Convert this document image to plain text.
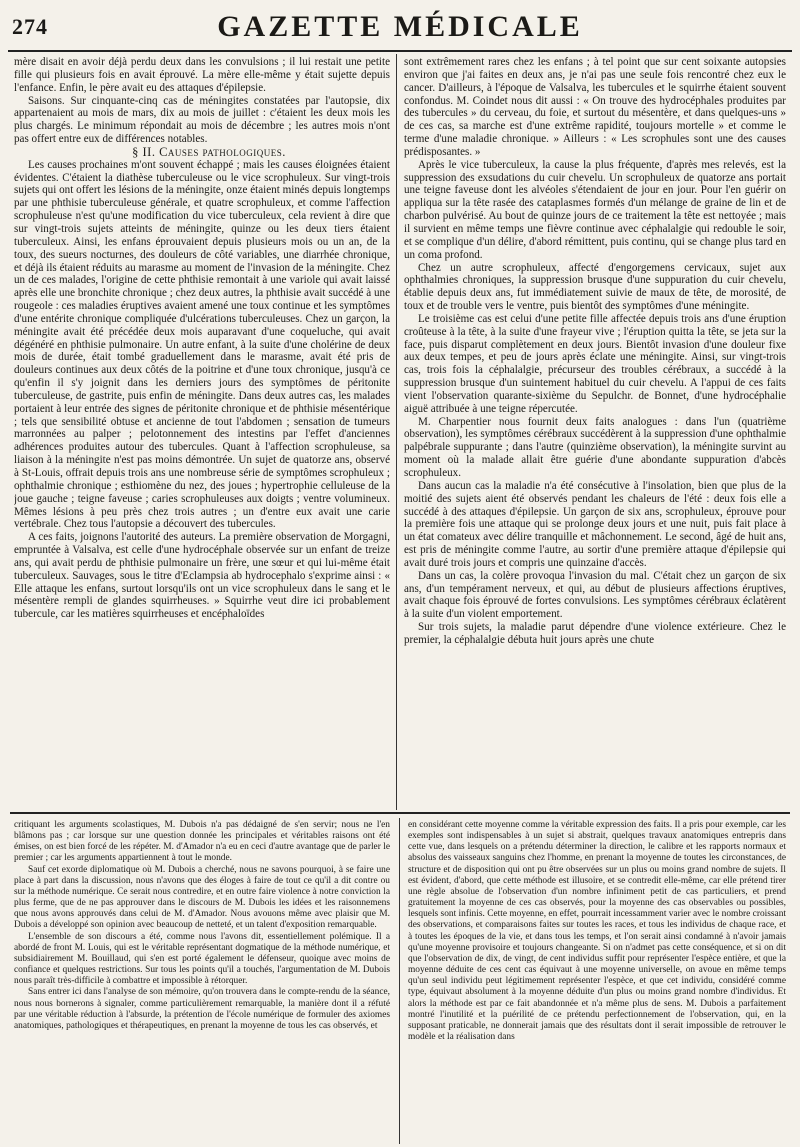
274	GAZETTE MÉDICALE

mère disait en avoir déjà perdu deux dans les convulsions ; il lui restait une petite fille qui plusieurs fois en avait éprouvé. La mère elle-même y était sujette depuis l'enfance. Enfin, le père avait eu des attaques d'épilepsie.

Saisons. Sur cinquante-cinq cas de méningites constatées par l'autopsie, dix appartenaient au mois de mars, dix au mois de juillet : c'étaient les deux mois les plus chargés. Le minimum répondait au mois de décembre ; les autres mois n'ont pas offert entre eux de différences notables.

§ II. Causes pathologiques.

Les causes prochaines m'ont souvent échappé ; mais les causes éloignées étaient évidentes. C'étaient la diathèse tuberculeuse ou le vice scrophuleux. Sur vingt-trois sujets qui ont offert les lésions de la méningite, onze étaient minés depuis longtemps par une phthisie tuberculeuse générale, et quatre scrophuleux, et comme l'affection scrophuleuse n'est qu'une modification du vice tuberculeux, cela revient à dire que sur vingt-trois sujets atteints de méningite, quinze ou les deux tiers étaient tuberculeux. Ainsi, les enfans éprouvaient depuis plusieurs mois ou un an, de la toux, des sueurs nocturnes, des douleurs de côté variables, une diarrhée chronique, et déjà ils étaient réduits au marasme au moment de l'invasion de la méningite. Chez un de ces malades, l'origine de cette phthisie remontait à une variole qui avait laissé après elle une bronchite chronique ; chez deux autres, la phthisie avait succédé à une rougeole : ces maladies éruptives avaient amené une toux continue et les symptômes d'une entérite chronique compliquée d'ulcérations tuberculeuses. Chez un garçon, la méningite avait été précédée deux mois auparavant d'une coqueluche, qui avait dégénéré en phthisie pulmonaire. Un autre enfant, à la suite d'une cholérine de deux mois de durée, était tombé graduellement dans le marasme, avait été pris de douleurs continues aux deux côtés de la poitrine et d'une toux chronique, jusqu'à ce qu'enfin il s'y joignit dans les derniers jours des symptômes de péritonite tuberculeuse, de gastrite, puis enfin de méningite. Dans deux autres cas, les malades portaient à leur entrée des signes de péritonite chronique et de phthisie mésentérique ; tels que sensibilité obtuse et ancienne de tout l'abdomen ; sensation de tumeurs marronnées au palper ; pelotonnement des intestins par l'effet d'anciennes adhérences produites autour des tubercules. Quant à l'affection scrophuleuse, sa liaison à la méningite n'est pas moins démontrée. Un sujet de quatorze ans, observé à St-Louis, offrait depuis trois ans une nombreuse série de symptômes scrophuleux ; ophthalmie chronique ; esthiomène du nez, des joues ; hypertrophie celluleuse de la joue gauche ; teigne faveuse ; caries scrophuleuses aux doigts ; ventre volumineux. Mêmes lésions à peu près chez trois autres ; un d'entre eux avait une carie vertébrale. Chez tous l'autopsie a découvert des tubercules.

A ces faits, joignons l'autorité des auteurs. La première observation de Morgagni, empruntée à Valsalva, est celle d'une hydrocéphale observée sur un enfant de treize ans, qui avait perdu de phthisie pulmonaire un frère, une sœur et qui lui-même était tuberculeux. Sauvages, sous le titre d'Eclampsia ab hydrocephalo s'exprime ainsi : « Elle attaque les enfans, surtout lorsqu'ils ont un vice scrophuleux dans le sang et le mésentère rempli de glandes squirrheuses. » Squirrhe veut dire ici probablement tubercule, car les matières squirrheuses et encéphaloïdes

sont extrêmement rares chez les enfans ; à tel point que sur cent soixante autopsies environ que j'ai faites en deux ans, je n'ai pas une seule fois rencontré chez eux le cancer. D'ailleurs, à l'époque de Valsalva, les tubercules et le squirrhe étaient souvent confondus. M. Coindet nous dit aussi : « On trouve des hydrocéphales produites par des tubercules » du cerveau, du foie, et surtout du mésentère, et dans quelques-uns » de ces cas, sa marche est d'une extrême rapidité, toujours mortelle » et comme le terme d'une maladie chronique. » Ailleurs : « Les scrophules sont une des causes prédisposantes. »

Après le vice tuberculeux, la cause la plus fréquente, d'après mes relevés, est la suppression des exsudations du cuir chevelu. Un scrophuleux de quatorze ans portait une teigne faveuse dont les alvéoles s'étendaient de jour en jour. Pour l'en guérir on appliqua sur la tête rasée des cataplasmes formés d'un mélange de graine de lin et de charbon pulvérisé. Au bout de quinze jours de ce traitement la tête est nettoyée ; mais il survient en même temps une fièvre continue avec céphalalgie qui redouble le soir, et se complique d'un délire, d'abord rémittent, puis continu, qui se change plus tard en un coma profond.

Chez un autre scrophuleux, affecté d'engorgemens cervicaux, sujet aux ophthalmies chroniques, la suppression brusque d'une suppuration du cuir chevelu, établie depuis deux ans, fut immédiatement suivie de maux de tête, de morosité, de toux et de trouble vers le ventre, puis bientôt des symptômes d'une méningite.

Le troisième cas est celui d'une petite fille affectée depuis trois ans d'une éruption croûteuse à la tête, à la suite d'une frayeur vive ; l'éruption quitta la tête, se jeta sur la face, puis disparut complètement en deux jours. Bientôt invasion d'une douleur fixe aux deux tempes, et peu de jours après éclate une méningite. Ainsi, sur vingt-trois cas, trois fois la céphalalgie, précurseur des troubles cérébraux, a succédé à la suppression brusque d'un suintement habituel du cuir chevelu. A l'appui de ces faits vient l'observation quarante-sixième du Sepulchr. de Bonnet, d'une hydrocéphalie aiguë attribuée à une teigne répercutée.

M. Charpentier nous fournit deux faits analogues : dans l'un (quatrième observation), les symptômes cérébraux succédèrent à la suppression d'une ophthalmie palpébrale suppurante ; dans l'autre (quinzième observation), la méningite survint au moment où la malade allait être guérie d'une abondante suppuration d'abcès scrophuleux.

Dans aucun cas la maladie n'a été consécutive à l'insolation, bien que plus de la moitié des sujets aient été observés pendant les chaleurs de l'été : deux fois elle a succédé à des attaques d'épilepsie. Un garçon de six ans, scrophuleux, éprouve pour la première fois une attaque qui se prolonge deux jours et une nuit, puis fait place à un état comateux avec délire tranquille et mâchonnement. Le second, âgé de huit ans, est pris de méningite comme l'autre, au sortir d'une première attaque d'épilepsie qui avait duré trois jours et compris une quinzaine d'accès.

Dans un cas, la colère provoqua l'invasion du mal. C'était chez un garçon de six ans, d'un tempérament nerveux, et qui, au début de plusieurs affections éruptives, avait chaque fois éprouvé de fortes convulsions. Les symptômes cérébraux éclatèrent à la suite d'un violent emportement.

Sur trois sujets, la maladie parut dépendre d'une violence extérieure. Chez le premier, la céphalalgie débuta huit jours après une chute

critiquant les arguments scolastiques, M. Dubois n'a pas dédaigné de s'en servir; nous ne l'en blâmons pas ; car lorsque sur une question donnée les principales et véritables raisons ont été émises, on est bien forcé de les répéter. M. d'Amador n'a eu en ceci d'autre avantage que de parler le premier ; car les arguments appartiennent à tout le monde.

Sauf cet exorde diplomatique où M. Dubois a cherché, nous ne savons pourquoi, à se faire une place à part dans la discussion, nous n'avons que des éloges à faire de tout ce qu'il a dit contre ou sur la méthode numérique. Ce serait nous contredire, et en outre faire violence à notre conviction la plus ferme, que de ne pas approuver dans le discours de M. Dubois les idées et les raisonnemens que nous avons approuvés dans celui de M. d'Amador. Nous avouons même avec plaisir que M. Dubois a développé son opinion avec beaucoup de netteté, et un talent d'exposition remarquable.

L'ensemble de son discours a été, comme nous l'avons dit, essentiellement polémique. Il a abordé de front M. Louis, qui est le véritable représentant dogmatique de la méthode numérique, et subsidiairement M. Bouillaud, qui s'en est porté également le défenseur, quoique avec moins de confiance et quelques restrictions. Sur tous les points qu'il a touchés, l'argumentation de M. Dubois nous paraît très-difficile à combattre et impossible à rétorquer.

Sans entrer ici dans l'analyse de son mémoire, qu'on trouvera dans le compte-rendu de la séance, nous nous bornerons à signaler, comme particulièrement remarquable, la manière dont il a réfuté par une véritable réduction à l'absurde, la prétention de l'école numérique de formuler des axiomes anatomiques, pathologiques et thérapeutiques, en prenant la moyenne de tous les cas observés, et

en considérant cette moyenne comme la véritable expression des faits. Il a pris pour exemple, car les exemples sont indispensables à un sujet si abstrait, quelques travaux anatomiques entrepris dans cette vue, dans lesquels on a prétendu déterminer la direction, le calibre et les rapports normaux et absolus des vaisseaux sanguins chez l'homme, en prenant la moyenne de toutes les circonstances, de structure et de disposition qui ont pu être observées sur un plus ou moins grand nombre de sujets. Il est évident, d'abord, que cette méthode est illusoire, et se contredit elle-même, car elle prétend tirer une règle absolue de l'observation d'un nombre infiniment petit de cas particuliers, et prend gratuitement la moyenne de ces cas observés, pour la moyenne des cas observables ou possibles, lesquels sont infinis. Cette moyenne, en effet, pourrait incessamment varier avec le nombre croissant des observations, et comparaisons faites sur toutes les races, et tous les individus de chaque race, et à toutes les époques de la vie, et dans tous les temps, et l'on serait ainsi condamné à n'avoir jamais qu'une moyenne provisoire et toujours changeante. Si on n'admet pas cette conséquence, et si on dit que l'observation de dix, de vingt, de cent individus suffit pour représenter l'espèce entière, et que la moyenne déduite de ces cent cas équivaut à une moyenne universelle, on avoue en même temps qu'un seul individu peut légitimement représenter l'espèce, et que cet individu, considéré comme type, équivaut absolument à la moyenne déduite d'un plus ou moins grand nombre d'individus. Et alors la méthode est par ce fait abandonnée et n'a même plus de sens. M. Dubois a parfaitement montré l'inutilité et la puérilité de ce prétendu perfectionnement de l'observation, qui, en la supposant praticable, ne donnerait jamais que des résultats dont il serait impossible de retrouver le modèle et la réalisation dans
